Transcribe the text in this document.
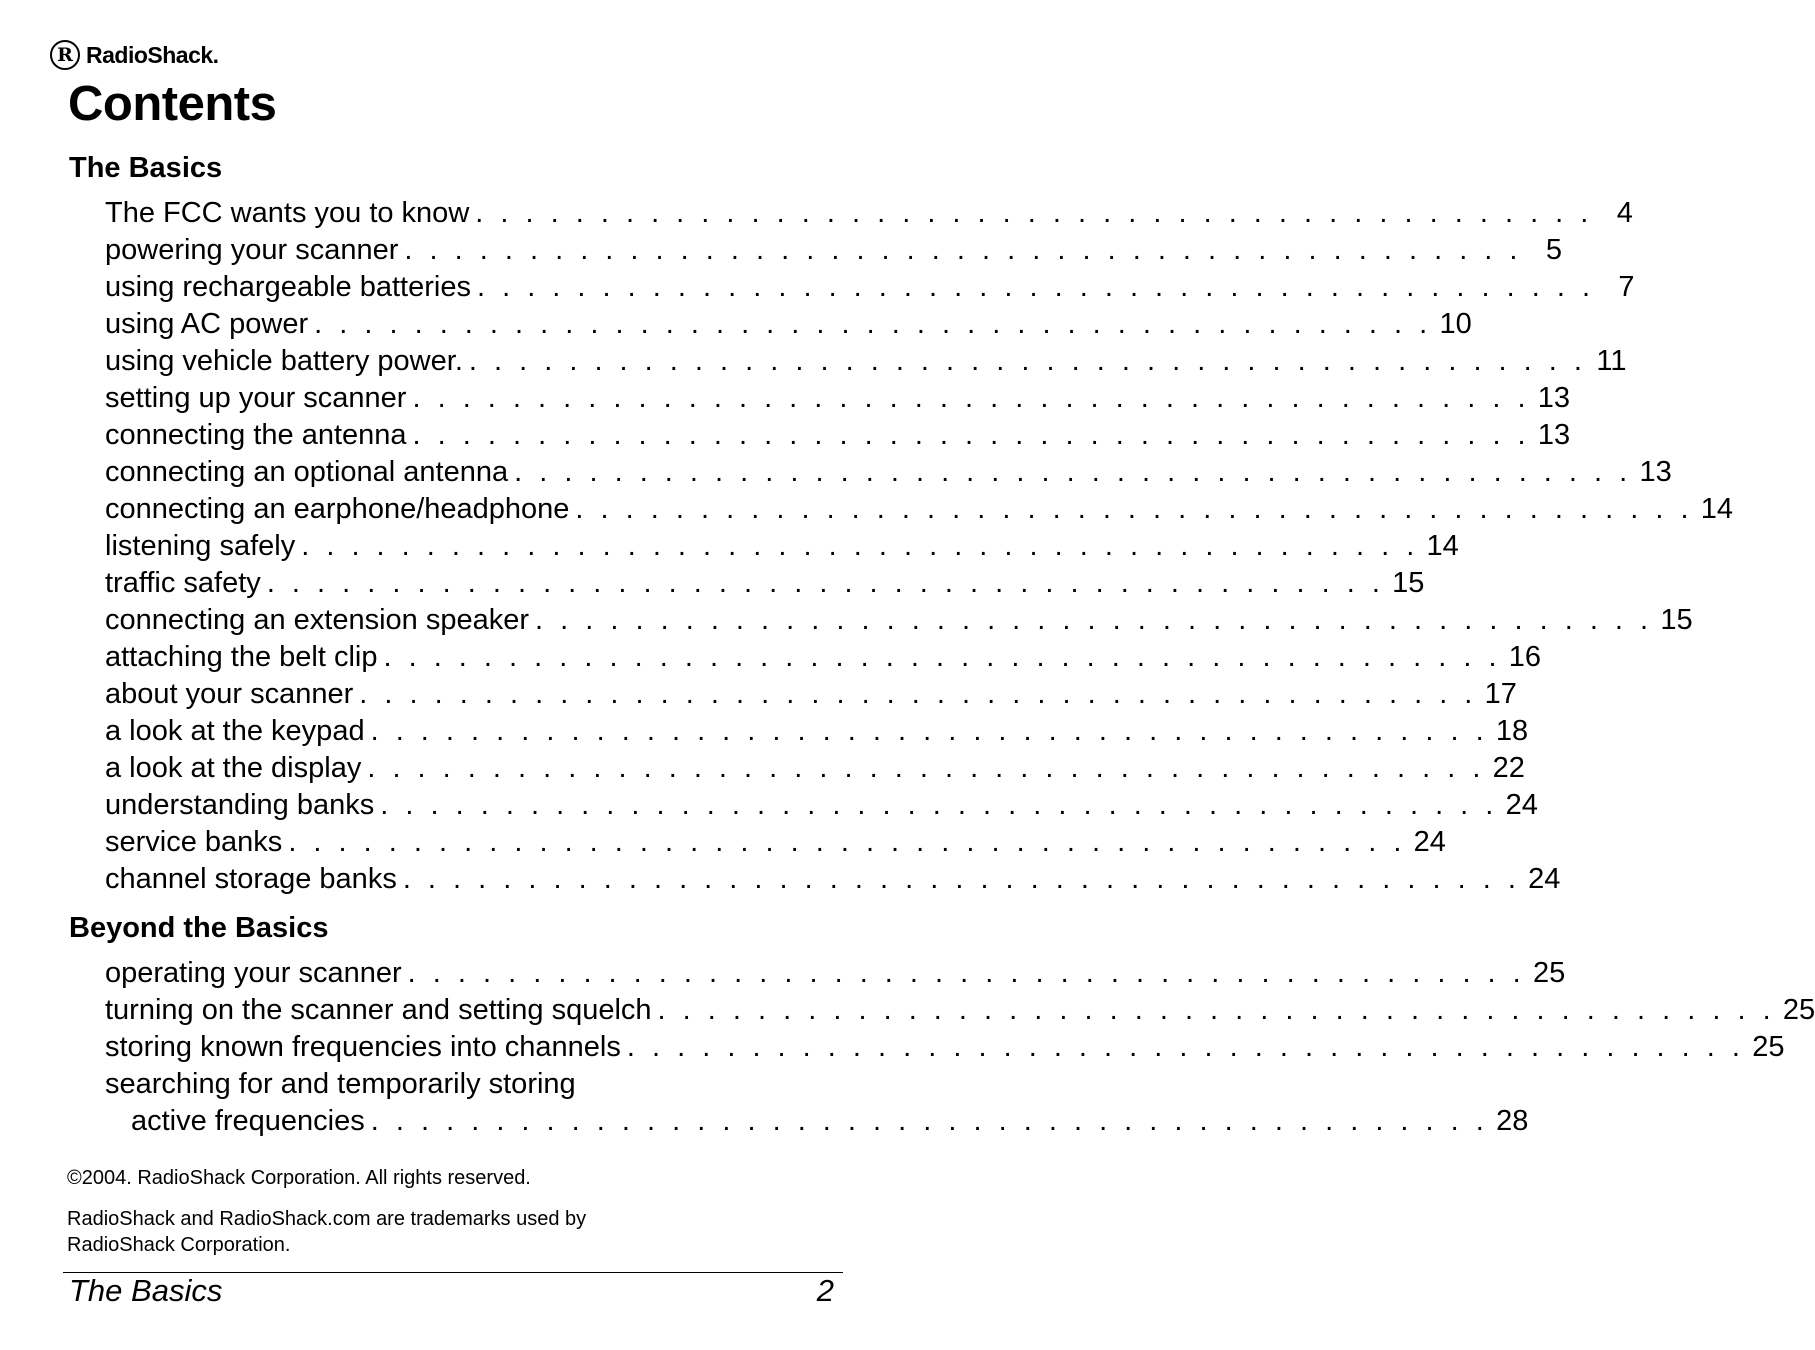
R RadioShack.
Contents
The Basics
The FCC wants you to know . . . . . . . . . . . . . . . . . . . . . . . . . . . . . . . . . . . . . . . . . . . . . 4
powering your scanner . . . . . . . . . . . . . . . . . . . . . . . . . . . . . . . . . . . . . . . . . . . . . 5
using rechargeable batteries . . . . . . . . . . . . . . . . . . . . . . . . . . . . . . . . . . . . . . . . . . . . . 7
using AC power . . . . . . . . . . . . . . . . . . . . . . . . . . . . . . . . . . . . . . . . . . . . . 10
using vehicle battery power. . . . . . . . . . . . . . . . . . . . . . . . . . . . . . . . . . . . . . . . . . . . . . 11
setting up your scanner . . . . . . . . . . . . . . . . . . . . . . . . . . . . . . . . . . . . . . . . . . . . . 13
connecting the antenna . . . . . . . . . . . . . . . . . . . . . . . . . . . . . . . . . . . . . . . . . . . . . 13
connecting an optional antenna . . . . . . . . . . . . . . . . . . . . . . . . . . . . . . . . . . . . . . . . . . . . . 13
connecting an earphone/headphone . . . . . . . . . . . . . . . . . . . . . . . . . . . . . . . . . . . . . . . . . . . . . 14
listening safely . . . . . . . . . . . . . . . . . . . . . . . . . . . . . . . . . . . . . . . . . . . . . 14
traffic safety . . . . . . . . . . . . . . . . . . . . . . . . . . . . . . . . . . . . . . . . . . . . . 15
connecting an extension speaker . . . . . . . . . . . . . . . . . . . . . . . . . . . . . . . . . . . . . . . . . . . . . 15
attaching the belt clip . . . . . . . . . . . . . . . . . . . . . . . . . . . . . . . . . . . . . . . . . . . . . 16
about your scanner . . . . . . . . . . . . . . . . . . . . . . . . . . . . . . . . . . . . . . . . . . . . . 17
a look at the keypad . . . . . . . . . . . . . . . . . . . . . . . . . . . . . . . . . . . . . . . . . . . . . 18
a look at the display . . . . . . . . . . . . . . . . . . . . . . . . . . . . . . . . . . . . . . . . . . . . . 22
understanding banks . . . . . . . . . . . . . . . . . . . . . . . . . . . . . . . . . . . . . . . . . . . . . 24
service banks . . . . . . . . . . . . . . . . . . . . . . . . . . . . . . . . . . . . . . . . . . . . . 24
channel storage banks . . . . . . . . . . . . . . . . . . . . . . . . . . . . . . . . . . . . . . . . . . . . . 24
Beyond the Basics
operating your scanner . . . . . . . . . . . . . . . . . . . . . . . . . . . . . . . . . . . . . . . . . . . . . 25
turning on the scanner and setting squelch . . . . . . . . . . . . . . . . . . . . . . . . . . . . . . . . . . . . . . . . . . . . . 25
storing known frequencies into channels . . . . . . . . . . . . . . . . . . . . . . . . . . . . . . . . . . . . . . . . . . . . . 25
searching for and temporarily storing
active frequencies . . . . . . . . . . . . . . . . . . . . . . . . . . . . . . . . . . . . . . . . . . . . . 28

©2004. RadioShack Corporation. All rights reserved.

RadioShack and RadioShack.com are trademarks used by

RadioShack Corporation.

The Basics	2
